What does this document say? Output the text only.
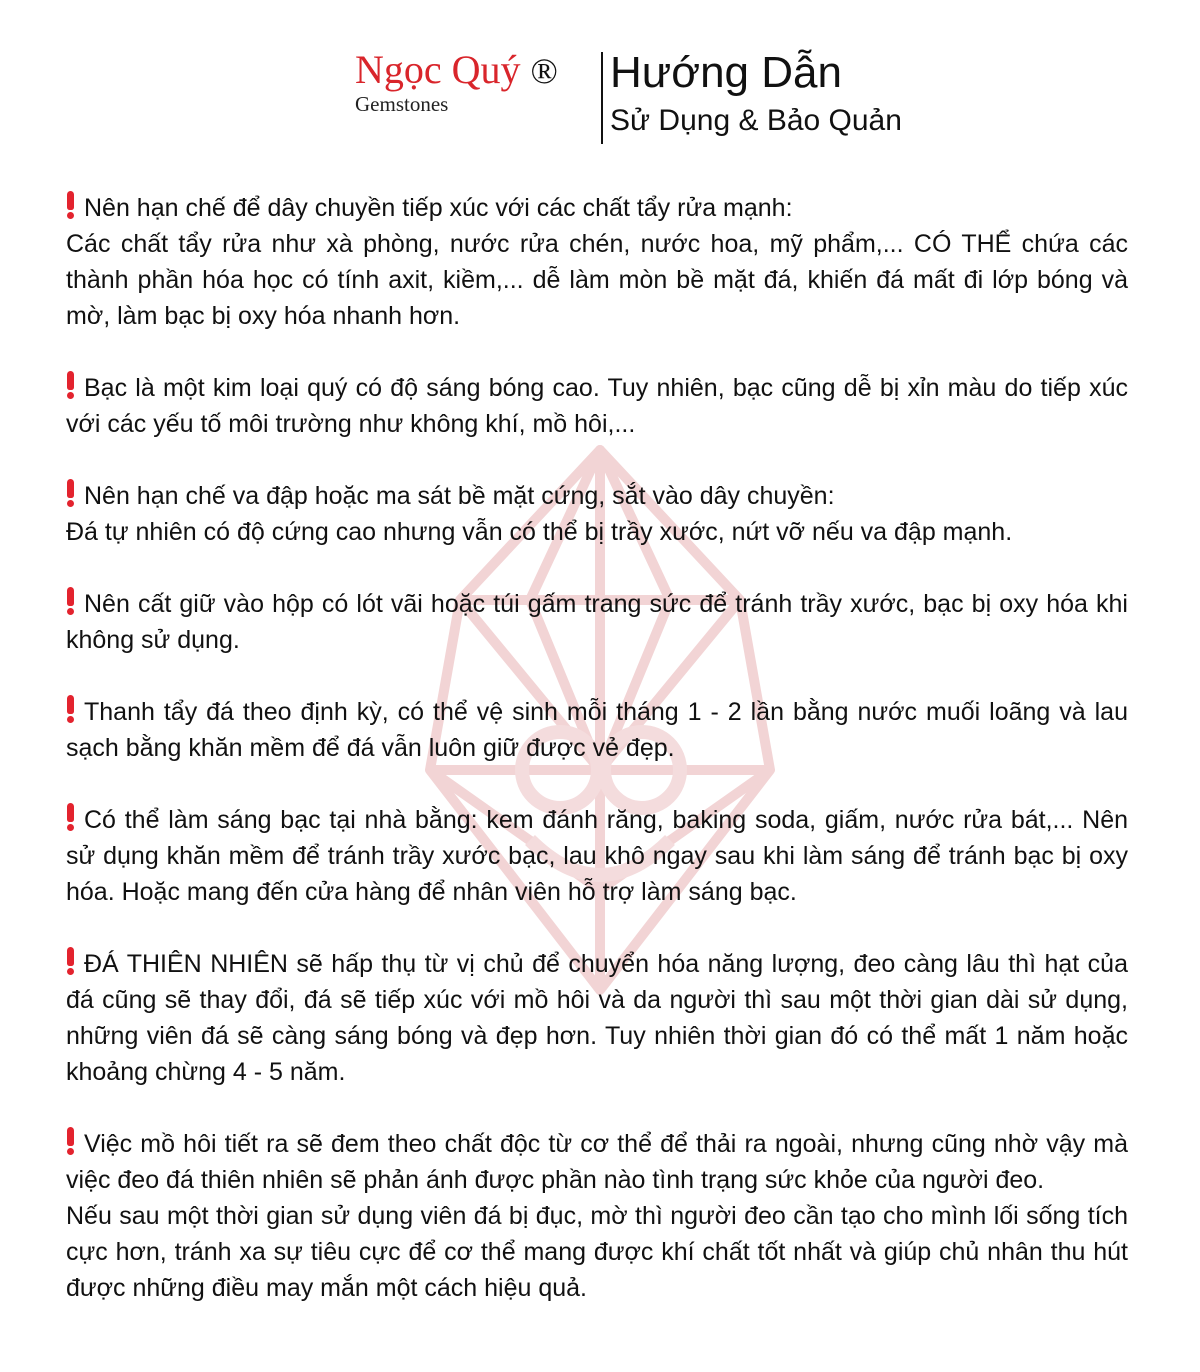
Ngọc Quý ®
Gemstones
Hướng Dẫn
Sử Dụng & Bảo Quản

Nên hạn chế để dây chuyền tiếp xúc với các chất tẩy rửa mạnh:

Các chất tẩy rửa như xà phòng, nước rửa chén, nước hoa, mỹ phẩm,... CÓ THỂ chứa các thành phần hóa học có tính axit, kiềm,... dễ làm mòn bề mặt đá, khiến đá mất đi lớp bóng và mờ, làm bạc bị oxy hóa nhanh hơn.

Bạc là một kim loại quý có độ sáng bóng cao. Tuy nhiên, bạc cũng dễ bị xỉn màu do tiếp xúc với các yếu tố môi trường như không khí, mồ hôi,...

Nên hạn chế va đập hoặc ma sát bề mặt cứng, sắt vào dây chuyền:

Đá tự nhiên có độ cứng cao nhưng vẫn có thể bị trầy xước, nứt vỡ nếu va đập mạnh.

Nên cất giữ vào hộp có lót vãi hoặc túi gấm trang sức để tránh trầy xước, bạc bị oxy hóa khi không sử dụng.

Thanh tẩy đá theo định kỳ, có thể vệ sinh mỗi tháng 1 - 2 lần bằng nước muối loãng và lau sạch bằng khăn mềm để đá vẫn luôn giữ được vẻ đẹp.

Có thể làm sáng bạc tại nhà bằng: kem đánh răng, baking soda, giấm, nước rửa bát,... Nên sử dụng khăn mềm để tránh trầy xước bạc, lau khô ngay sau khi làm sáng để tránh bạc bị oxy hóa. Hoặc mang đến cửa hàng để nhân viên hỗ trợ làm sáng bạc.

ĐÁ THIÊN NHIÊN sẽ hấp thụ từ vị chủ để chuyển hóa năng lượng, đeo càng lâu thì hạt của đá cũng sẽ thay đổi, đá sẽ tiếp xúc với mồ hôi và da người thì sau một thời gian dài sử dụng, những viên đá sẽ càng sáng bóng và đẹp hơn. Tuy nhiên thời gian đó có thể mất 1 năm hoặc khoảng chừng 4 - 5 năm.

Việc mồ hôi tiết ra sẽ đem theo chất độc từ cơ thể để thải ra ngoài, nhưng cũng nhờ vậy mà việc đeo đá thiên nhiên sẽ phản ánh được phần nào tình trạng sức khỏe của người đeo.

Nếu sau một thời gian sử dụng viên đá bị đục, mờ thì người đeo cần tạo cho mình lối sống tích cực hơn, tránh xa sự tiêu cực để cơ thể mang được khí chất tốt nhất và giúp chủ nhân thu hút được những điều may mắn một cách hiệu quả.
